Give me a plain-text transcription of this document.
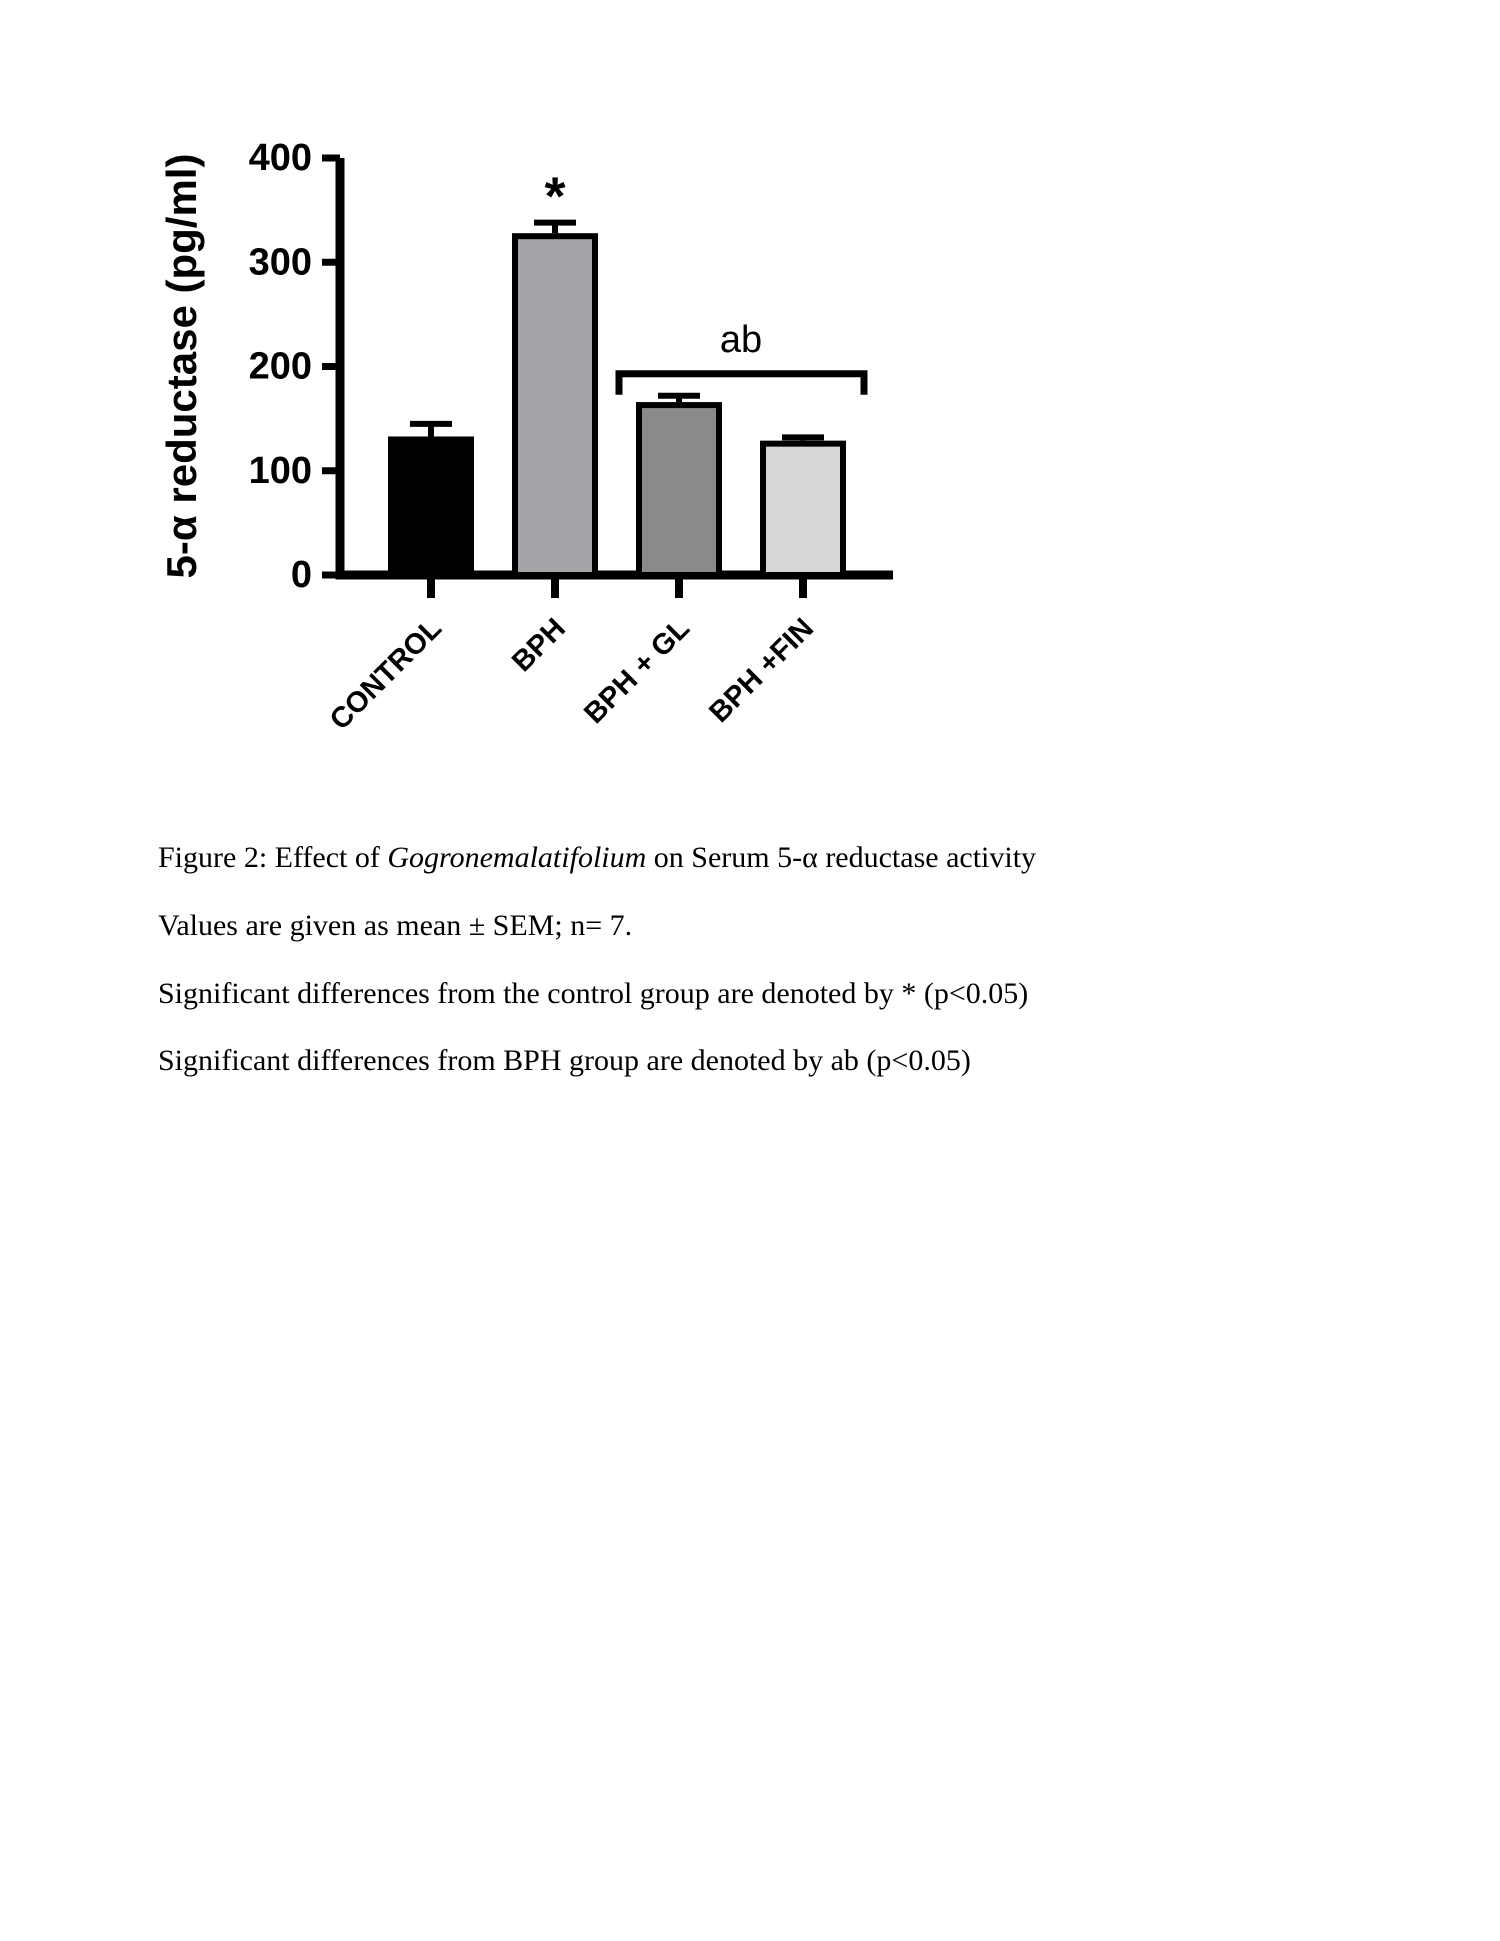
5-α reductase (pg/ml) 0
100
200
300
400
CONTROL BPH BPH + GL BPH +FIN
*
ab

Figure 2: Effect of Gogronemalatifolium on Serum 5-α reductase activity

Values are given as mean ± SEM; n= 7.

Significant differences from the control group are denoted by * (p<0.05)

Significant differences from BPH group are denoted by ab (p<0.05)
